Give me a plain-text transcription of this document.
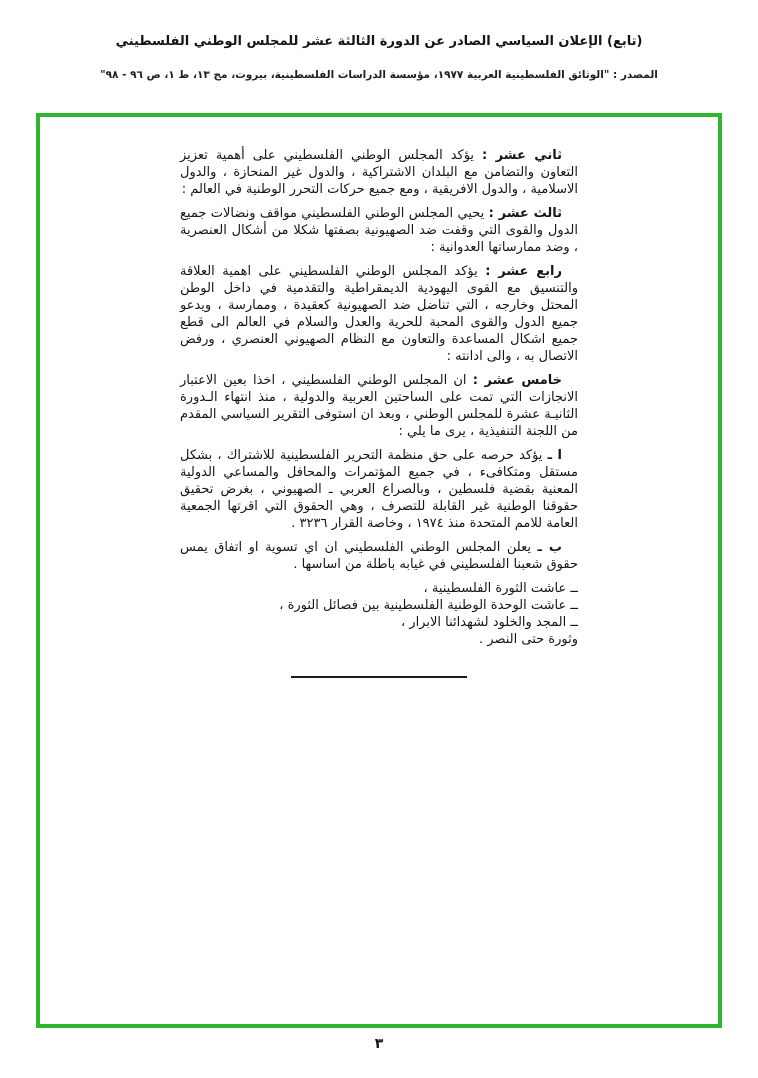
(تابع) الإعلان السياسي الصادر عن الدورة الثالثة عشر للمجلس الوطني الفلسطيني
المصدر : "الوثائق الفلسطينية العربية ١٩٧٧، مؤسسة الدراسات الفلسطينية، بيروت، مج ١٣، ط ١، ص ٩٦ - ٩٨"

ثاني عشر : يؤكد المجلس الوطني الفلسطيني على أهمية تعزيز التعاون والتضامن مع البلدان الاشتراكية ، والدول غير المنحازة ، والدول الاسلامية ، والدول الافريقية ، ومع جميع حركات التحرر الوطنية في العالم :

ثالث عشر : يحيي المجلس الوطني الفلسطيني مواقف ونضالات جميع الدول والقوى التي وقفت ضد الصهيونية بصفتها شكلا من أشكال العنصرية ، وضد ممارساتها العدوانية :

رابع عشر : يؤكد المجلس الوطني الفلسطيني على اهمية العلاقة والتنسيق مع القوى اليهودية الديمقراطية والتقدمية في داخل الوطن المحتل وخارجه ، التي تناضل ضد الصهيونية كعقيدة ، وممارسة ، ويدعو جميع الدول والقوى المحبة للحرية والعدل والسلام في العالم الى قطع جميع اشكال المساعدة والتعاون مع النظام الصهيوني العنصري ، ورفض الاتصال به ، والى ادانته :

خامس عشر : ان المجلس الوطني الفلسطيني ، اخذا بعين الاعتبار الانجازات التي تمت على الساحتين العربية والدولية ، منذ انتهاء الـدورة الثانيـة عشرة للمجلس الوطني ، وبعد ان استوفى التقرير السياسي المقدم من اللجنة التنفيذية ، يرى ما يلي :

ا ـ يؤكد حرصه على حق منظمة التحرير الفلسطينية للاشتراك ، بشكل مستقل ومتكافىء ، في جميع المؤتمرات والمحافل والمساعي الدولية المعنية بقضية فلسطين ، وبالصراع العربي ـ الصهيوني ، بغرض تحقيق حقوقنا الوطنية غير القابلة للتصرف ، وهي الحقوق التي اقرتها الجمعية العامة للامم المتحدة منذ ١٩٧٤ ، وخاصة القرار ٣٢٣٦ .

ب ـ يعلن المجلس الوطني الفلسطيني ان اي تسوية او اتفاق يمس حقوق شعبنا الفلسطيني في غيابه باطلة من اساسها .

ــ عاشت الثورة الفلسطينية ،

ــ عاشت الوحدة الوطنية الفلسطينية بين فصائل الثورة ،

ــ المجد والخلود لشهدائنا الابرار ،

وثورة حتى النصر .

٣
